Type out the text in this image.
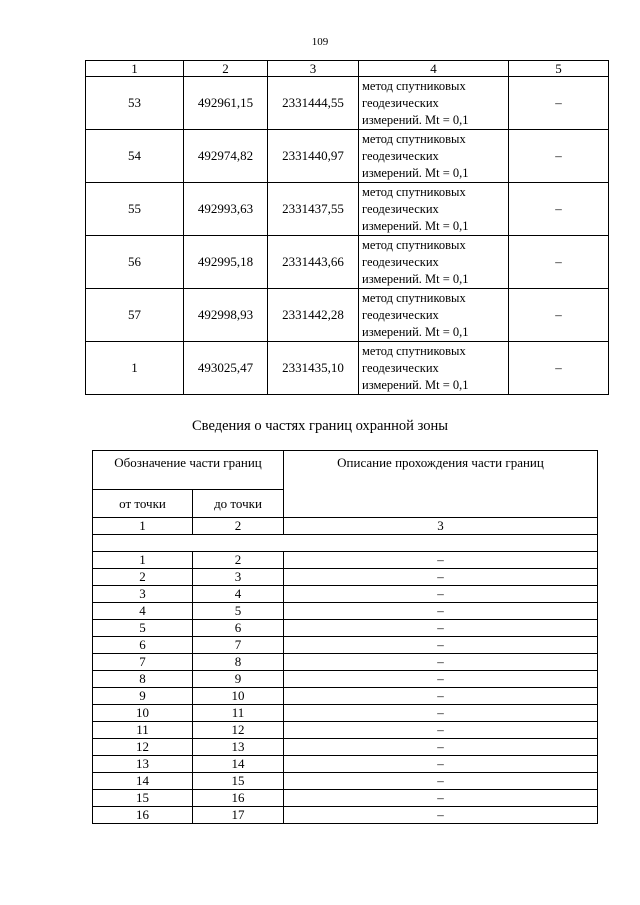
109
1	2	3	4	5
53	492961,15	2331444,55	метод спутниковых
геодезических
измерений. Mt = 0,1	–
54	492974,82	2331440,97	метод спутниковых
геодезических
измерений. Mt = 0,1	–
55	492993,63	2331437,55	метод спутниковых
геодезических
измерений. Mt = 0,1	–
56	492995,18	2331443,66	метод спутниковых
геодезических
измерений. Mt = 0,1	–
57	492998,93	2331442,28	метод спутниковых
геодезических
измерений. Mt = 0,1	–
1	493025,47	2331435,10	метод спутниковых
геодезических
измерений. Mt = 0,1	–
Сведения о частях границ охранной зоны
Обозначение части границ		Описание прохождения части границ
от точки	до точки	
1	2	3

1	2	–
2	3	–
3	4	–
4	5	–
5	6	–
6	7	–
7	8	–
8	9	–
9	10	–
10	11	–
11	12	–
12	13	–
13	14	–
14	15	–
15	16	–
16	17	–
